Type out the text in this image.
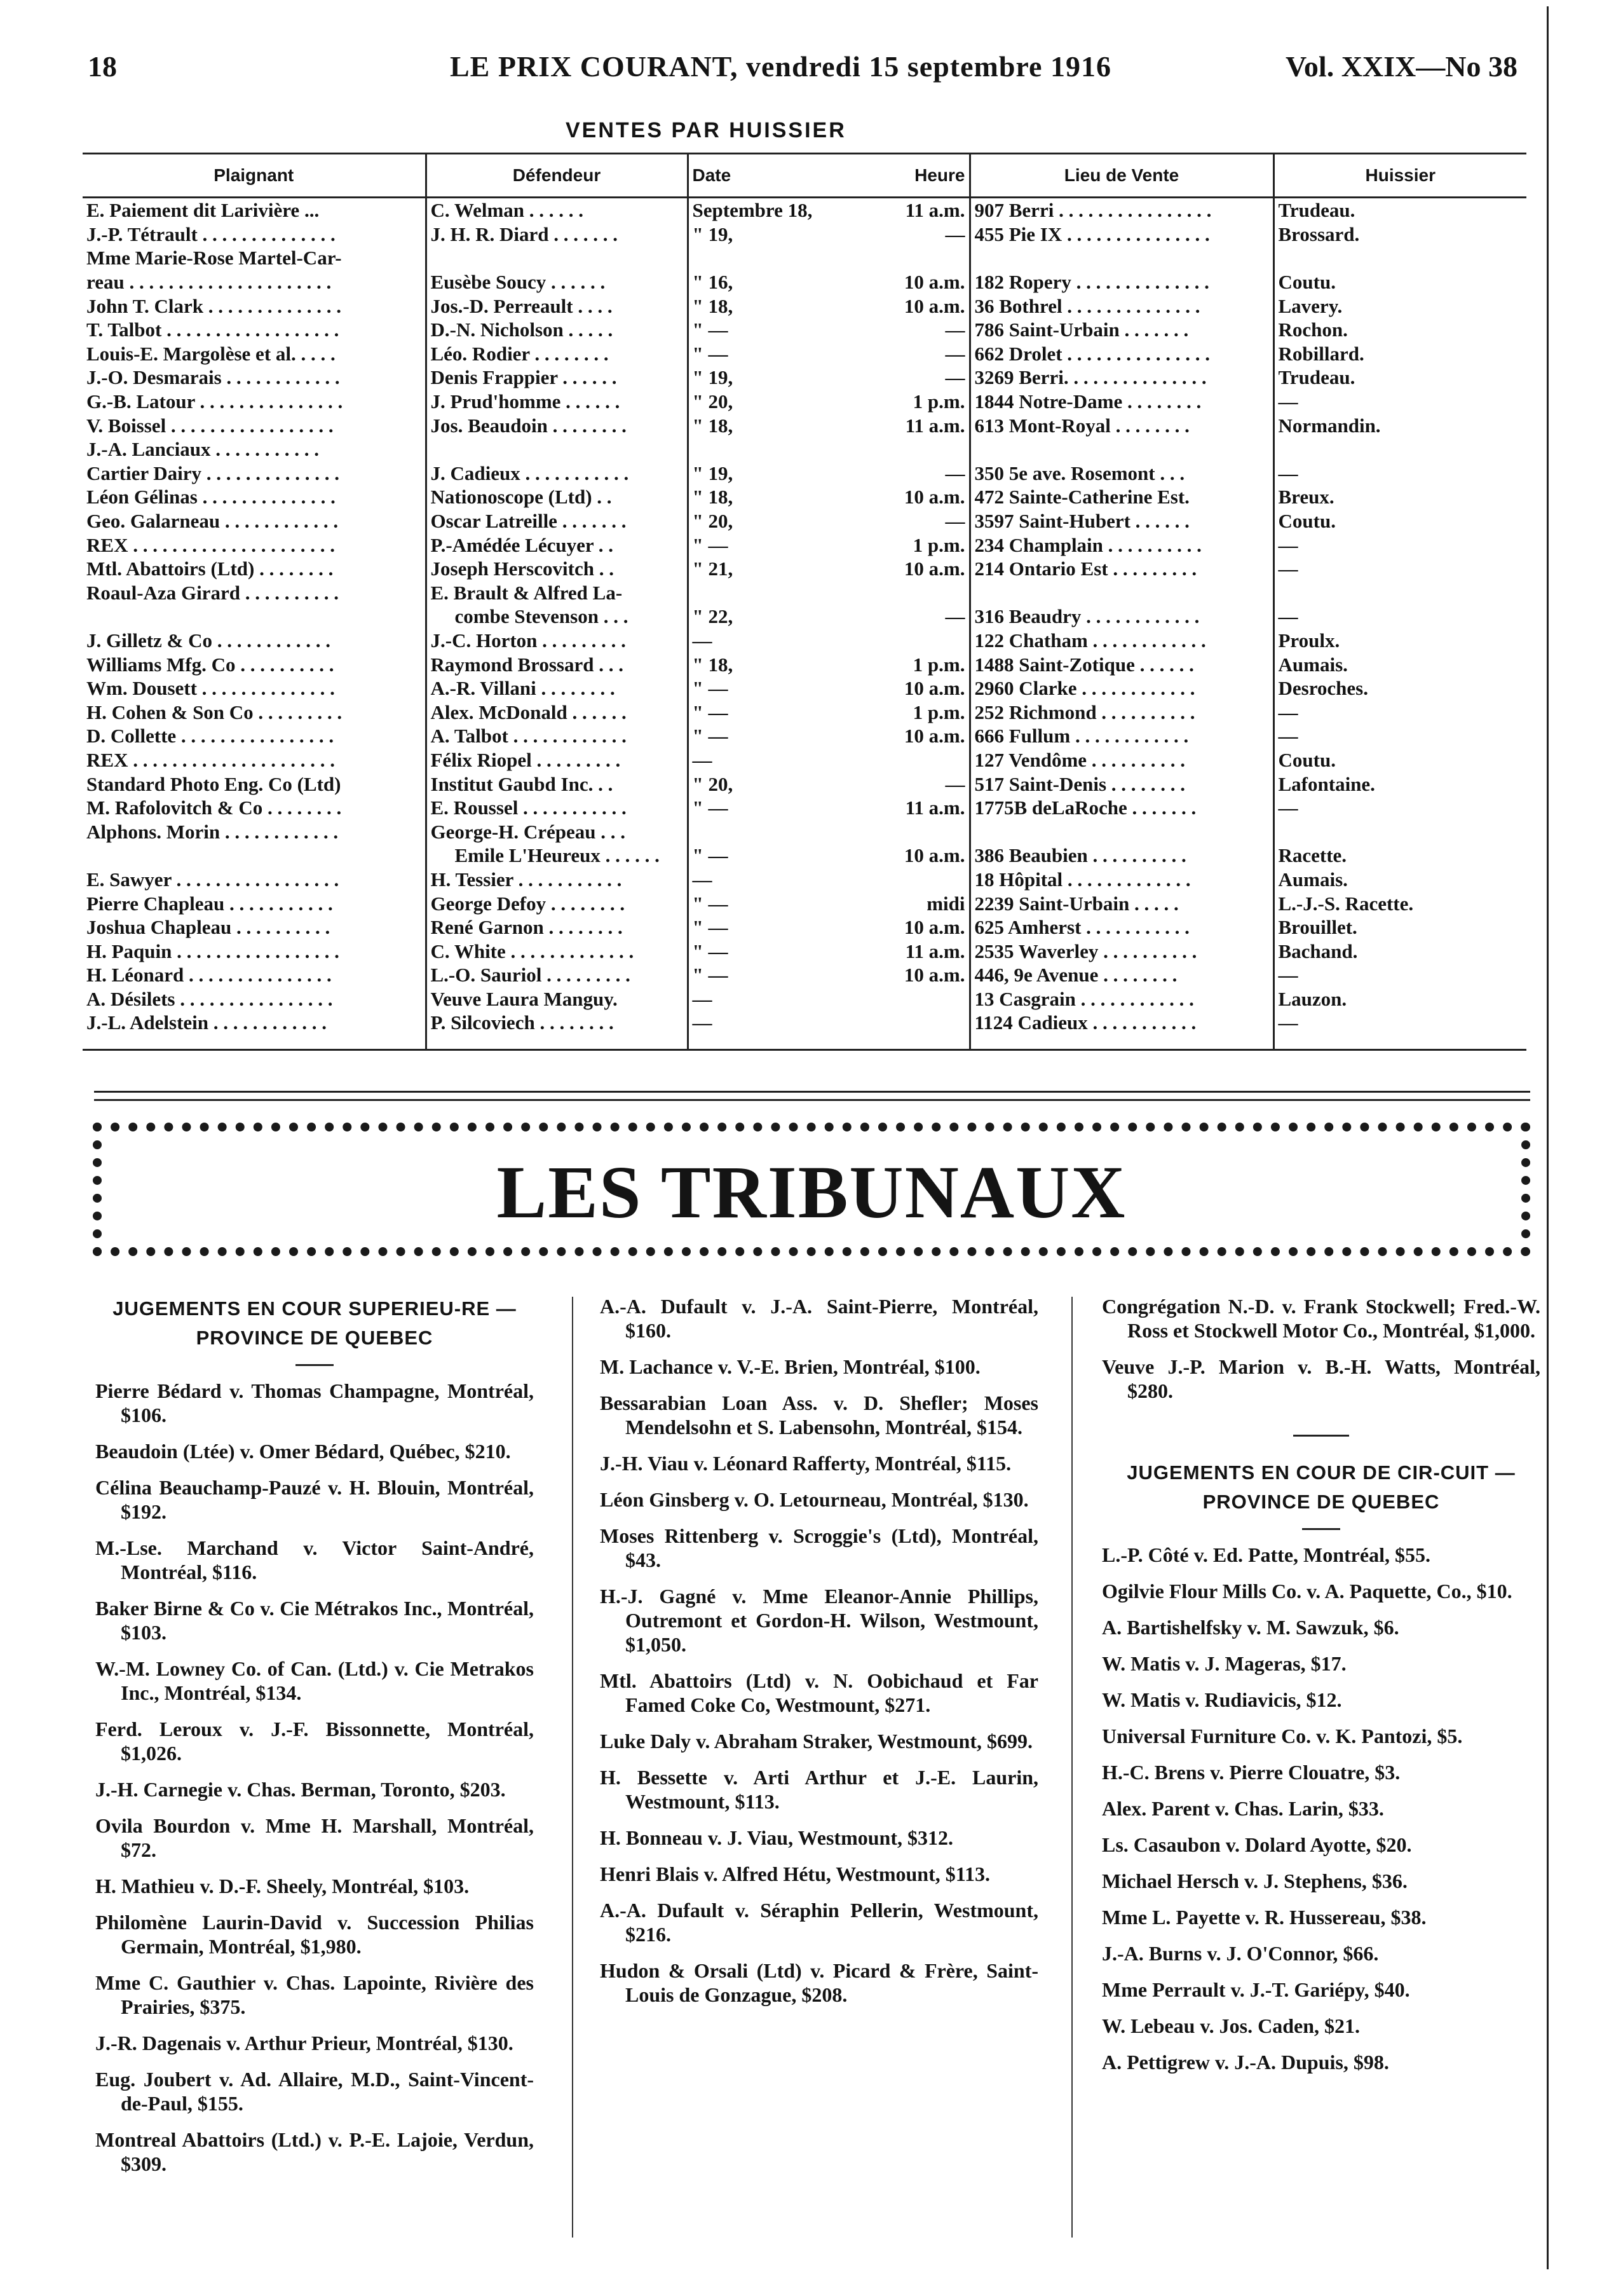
18	LE PRIX COURANT, vendredi 15 septembre 1916	Vol. XXIX—No 38
VENTES PAR HUISSIER
Plaignant	Défendeur	Date	Heure	Lieu de Vente	Huissier
E. Paiement dit Larivière ...	C. Welman . . . . . .	Septembre 18,	11 a.m.	907 Berri . . . . . . . . . . . . . . . .	Trudeau.
J.-P. Tétrault . . . . . . . . . . . . . .	J. H. R. Diard . . . . . . .	" 19,	—	455 Pie IX . . . . . . . . . . . . . . .	Brossard.
Mme Marie-Rose Martel-Car-					
reau . . . . . . . . . . . . . . . . . . . . .	Eusèbe Soucy . . . . . .	" 16,	10 a.m.	182 Ropery . . . . . . . . . . . . . .	Coutu.
John T. Clark . . . . . . . . . . . . . .	Jos.-D. Perreault . . . .	" 18,	10 a.m.	36 Bothrel . . . . . . . . . . . . . .	Lavery.
T. Talbot . . . . . . . . . . . . . . . . . .	D.-N. Nicholson . . . . .	" —	—	786 Saint-Urbain . . . . . . .	Rochon.
Louis-E. Margolèse et al. . . . .	Léo. Rodier . . . . . . . .	" —	—	662 Drolet . . . . . . . . . . . . . . .	Robillard.
J.-O. Desmarais . . . . . . . . . . . .	Denis Frappier . . . . . .	" 19,	—	3269 Berri. . . . . . . . . . . . . . .	Trudeau.
G.-B. Latour . . . . . . . . . . . . . . .	J. Prud'homme . . . . . .	" 20,	1 p.m.	1844 Notre-Dame . . . . . . . .	—
V. Boissel . . . . . . . . . . . . . . . . .	Jos. Beaudoin . . . . . . . .	" 18,	11 a.m.	613 Mont-Royal . . . . . . . .	Normandin.
J.-A. Lanciaux . . . . . . . . . . .					
Cartier Dairy . . . . . . . . . . . . . .	J. Cadieux . . . . . . . . . . .	" 19,	—	350 5e ave. Rosemont . . .	—
Léon Gélinas . . . . . . . . . . . . . .	Nationoscope (Ltd) . .	" 18,	10 a.m.	472 Sainte-Catherine Est.	Breux.
Geo. Galarneau . . . . . . . . . . . .	Oscar Latreille . . . . . . .	" 20,	—	3597 Saint-Hubert . . . . . .	Coutu.
REX . . . . . . . . . . . . . . . . . . . . .	P.-Amédée Lécuyer . .	" —	1 p.m.	234 Champlain . . . . . . . . . .	—
Mtl. Abattoirs (Ltd) . . . . . . . .	Joseph Herscovitch . .	" 21,	10 a.m.	214 Ontario Est . . . . . . . . .	—
Roaul-Aza Girard . . . . . . . . . .	E. Brault & Alfred La-				
	combe Stevenson . . .	" 22,	—	316 Beaudry . . . . . . . . . . . .	—
J. Gilletz & Co . . . . . . . . . . . .	J.-C. Horton . . . . . . . . .	—		122 Chatham . . . . . . . . . . . .	Proulx.
Williams Mfg. Co . . . . . . . . . .	Raymond Brossard . . .	" 18,	1 p.m.	1488 Saint-Zotique . . . . . .	Aumais.
Wm. Dousett . . . . . . . . . . . . . .	A.-R. Villani . . . . . . . .	" —	10 a.m.	2960 Clarke . . . . . . . . . . . .	Desroches.
H. Cohen & Son Co . . . . . . . . .	Alex. McDonald . . . . . .	" —	1 p.m.	252 Richmond . . . . . . . . . .	—
D. Collette . . . . . . . . . . . . . . . .	A. Talbot . . . . . . . . . . . .	" —	10 a.m.	666 Fullum . . . . . . . . . . . .	—
REX . . . . . . . . . . . . . . . . . . . . .	Félix Riopel . . . . . . . . .	—		127 Vendôme . . . . . . . . . .	Coutu.
Standard Photo Eng. Co (Ltd)	Institut Gaubd Inc. . .	" 20,	—	517 Saint-Denis . . . . . . . .	Lafontaine.
M. Rafolovitch & Co . . . . . . . .	E. Roussel . . . . . . . . . . .	" —	11 a.m.	1775B deLaRoche . . . . . . .	—
Alphons. Morin . . . . . . . . . . . .	George-H. Crépeau . . .				
	Emile L'Heureux . . . . . .	" —	10 a.m.	386 Beaubien . . . . . . . . . .	Racette.
E. Sawyer . . . . . . . . . . . . . . . . .	H. Tessier . . . . . . . . . . .	—		18 Hôpital . . . . . . . . . . . . .	Aumais.
Pierre Chapleau . . . . . . . . . . .	George Defoy . . . . . . . .	" —	midi	2239 Saint-Urbain . . . . .	L.-J.-S. Racette.
Joshua Chapleau . . . . . . . . . .	René Garnon . . . . . . . .	" —	10 a.m.	625 Amherst . . . . . . . . . . .	Brouillet.
H. Paquin . . . . . . . . . . . . . . . . .	C. White . . . . . . . . . . . . .	" —	11 a.m.	2535 Waverley . . . . . . . . . .	Bachand.
H. Léonard . . . . . . . . . . . . . . .	L.-O. Sauriol . . . . . . . . .	" —	10 a.m.	446, 9e Avenue . . . . . . . .	—
A. Désilets . . . . . . . . . . . . . . . .	Veuve Laura Manguy.	—		13 Casgrain . . . . . . . . . . . .	Lauzon.
J.-L. Adelstein . . . . . . . . . . . .	P. Silcoviech . . . . . . . .	—		1124 Cadieux . . . . . . . . . . .	—
LES TRIBUNAUX
JUGEMENTS EN COUR SUPERIEU-RE — PROVINCE DE QUEBEC
Pierre Bédard v. Thomas Champagne, Montréal, $106.
Beaudoin (Ltée) v. Omer Bédard, Québec, $210.
Célina Beauchamp-Pauzé v. H. Blouin, Montréal, $192.
M.-Lse. Marchand v. Victor Saint-André, Montréal, $116.
Baker Birne & Co v. Cie Métrakos Inc., Montréal, $103.
W.-M. Lowney Co. of Can. (Ltd.) v. Cie Metrakos Inc., Montréal, $134.
Ferd. Leroux v. J.-F. Bissonnette, Montréal, $1,026.
J.-H. Carnegie v. Chas. Berman, Toronto, $203.
Ovila Bourdon v. Mme H. Marshall, Montréal, $72.
H. Mathieu v. D.-F. Sheely, Montréal, $103.
Philomène Laurin-David v. Succession Philias Germain, Montréal, $1,980.
Mme C. Gauthier v. Chas. Lapointe, Rivière des Prairies, $375.
J.-R. Dagenais v. Arthur Prieur, Montréal, $130.
Eug. Joubert v. Ad. Allaire, M.D., Saint-Vincent-de-Paul, $155.
Montreal Abattoirs (Ltd.) v. P.-E. Lajoie, Verdun, $309.
A.-A. Dufault v. J.-A. Saint-Pierre, Montréal, $160.
M. Lachance v. V.-E. Brien, Montréal, $100.
Bessarabian Loan Ass. v. D. Shefler; Moses Mendelsohn et S. Labensohn, Montréal, $154.
J.-H. Viau v. Léonard Rafferty, Montréal, $115.
Léon Ginsberg v. O. Letourneau, Montréal, $130.
Moses Rittenberg v. Scroggie's (Ltd), Montréal, $43.
H.-J. Gagné v. Mme Eleanor-Annie Phillips, Outremont et Gordon-H. Wilson, Westmount, $1,050.
Mtl. Abattoirs (Ltd) v. N. Oobichaud et Far Famed Coke Co, Westmount, $271.
Luke Daly v. Abraham Straker, Westmount, $699.
H. Bessette v. Arti Arthur et J.-E. Laurin, Westmount, $113.
H. Bonneau v. J. Viau, Westmount, $312.
Henri Blais v. Alfred Hétu, Westmount, $113.
A.-A. Dufault v. Séraphin Pellerin, Westmount, $216.
Hudon & Orsali (Ltd) v. Picard & Frère, Saint-Louis de Gonzague, $208.
Congrégation N.-D. v. Frank Stockwell; Fred.-W. Ross et Stockwell Motor Co., Montréal, $1,000.
Veuve J.-P. Marion v. B.-H. Watts, Montréal, $280.
JUGEMENTS EN COUR DE CIR-CUIT — PROVINCE DE QUEBEC
L.-P. Côté v. Ed. Patte, Montréal, $55.
Ogilvie Flour Mills Co. v. A. Paquette, Co., $10.
A. Bartishelfsky v. M. Sawzuk, $6.
W. Matis v. J. Mageras, $17.
W. Matis v. Rudiavicis, $12.
Universal Furniture Co. v. K. Pantozi, $5.
H.-C. Brens v. Pierre Clouatre, $3.
Alex. Parent v. Chas. Larin, $33.
Ls. Casaubon v. Dolard Ayotte, $20.
Michael Hersch v. J. Stephens, $36.
Mme L. Payette v. R. Hussereau, $38.
J.-A. Burns v. J. O'Connor, $66.
Mme Perrault v. J.-T. Gariépy, $40.
W. Lebeau v. Jos. Caden, $21.
A. Pettigrew v. J.-A. Dupuis, $98.
